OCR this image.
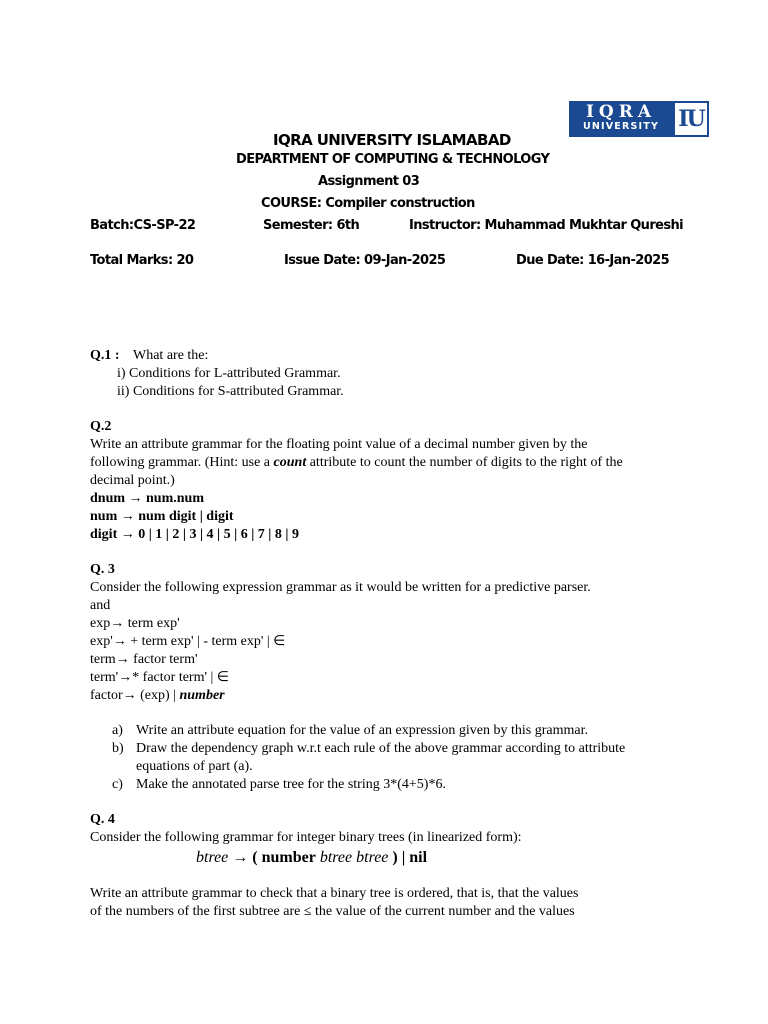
IQRA
UNIVERSITY IU
IQRA UNIVERSITY ISLAMABAD
DEPARTMENT OF COMPUTING & TECHNOLOGY
Assignment 03
COURSE: Compiler construction
Batch:CS-SP-22	Semester: 6th	Instructor: Muhammad Mukhtar Qureshi
Total Marks: 20	Issue Date: 09-Jan-2025	Due Date: 16-Jan-2025
Q.1 : What are the:
i) Conditions for L-attributed Grammar.
ii) Conditions for S-attributed Grammar.
Q.2
Write an attribute grammar for the floating point value of a decimal number given by the
following grammar. (Hint: use a count attribute to count the number of digits to the right of the
decimal point.)
dnum → num.num
num → num digit | digit
digit → 0 | 1 | 2 | 3 | 4 | 5 | 6 | 7 | 8 | 9
Q. 3
Consider the following expression grammar as it would be written for a predictive parser.
and
exp→ term exp'
exp'→ + term exp' | - term exp' | ∈
term→ factor term'
term'→* factor term' | ∈
factor→ (exp) | number
a) Write an attribute equation for the value of an expression given by this grammar.
b) Draw the dependency graph w.r.t each rule of the above grammar according to attribute
equations of part (a).
c) Make the annotated parse tree for the string 3*(4+5)*6.
Q. 4
Consider the following grammar for integer binary trees (in linearized form):
btree → ( number btree btree ) | nil
Write an attribute grammar to check that a binary tree is ordered, that is, that the values
of the numbers of the first subtree are ≤ the value of the current number and the values
